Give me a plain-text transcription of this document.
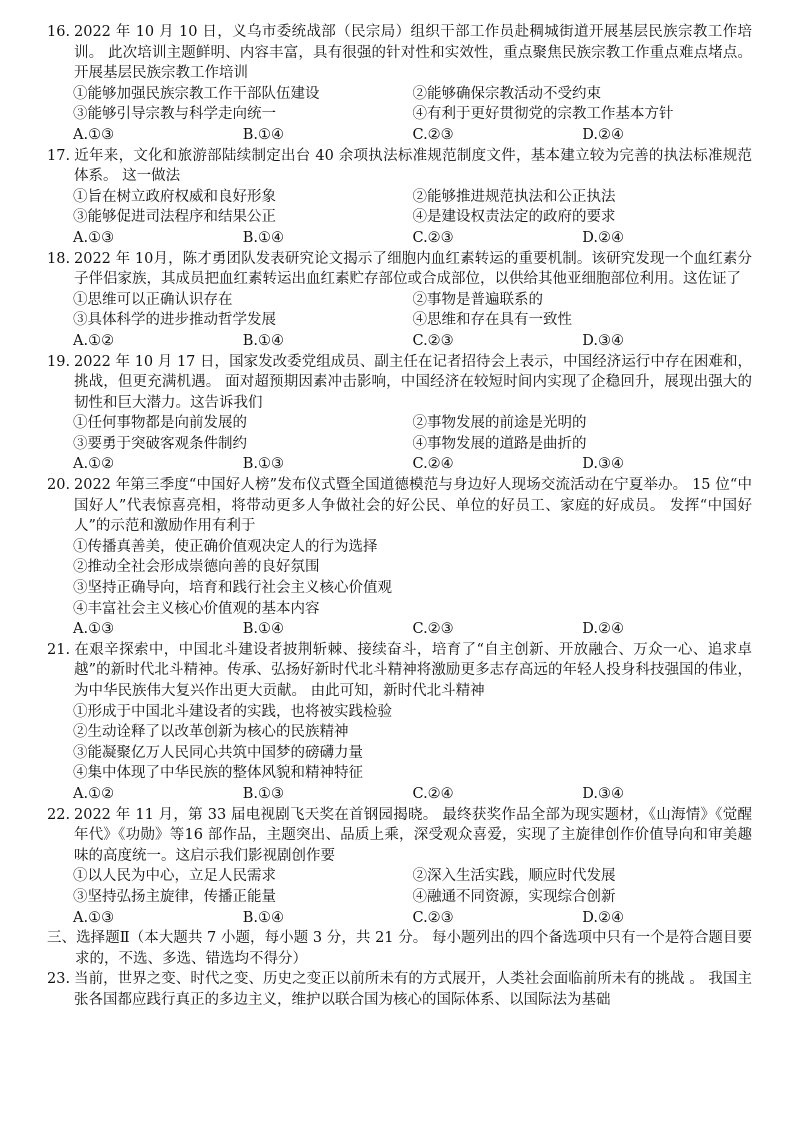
16. 2022 年 10 月 10 日，义乌市委统战部（民宗局）组织干部工作员赴稠城街道开展基层民族宗教工作培训。 此次培训主题鲜明、内容丰富，具有很强的针对性和实效性，重点聚焦民族宗教工作重点难点堵点。开展基层民族宗教工作培训
①能够加强民族宗教工作干部队伍建设	②能够确保宗教活动不受约束
③能够引导宗教与科学走向统一	④有利于更好贯彻党的宗教工作基本方针
A.①③	B.①④	C.②③	D.②④
17. 近年来，文化和旅游部陆续制定出台 40 余项执法标准规范制度文件，基本建立较为完善的执法标准规范体系。 这一做法
①旨在树立政府权威和良好形象	②能够推进规范执法和公正执法
③能够促进司法程序和结果公正	④是建设权责法定的政府的要求
A.①③	B.①④	C.②③	D.②④
18. 2022 年 10月，陈才勇团队发表研究论文揭示了细胞内血红素转运的重要机制。该研究发现一个血红素分子伴侣家族，其成员把血红素转运出血红素贮存部位或合成部位，以供给其他亚细胞部位利用。这佐证了
①思维可以正确认识存在	②事物是普遍联系的
③具体科学的进步推动哲学发展	④思维和存在具有一致性
A.①②	B.①④	C.②③	D.③④
19. 2022 年 10 月 17 日，国家发改委党组成员、副主任在记者招待会上表示，中国经济运行中存在困难和，挑战，但更充满机遇。 面对超预期因素冲击影响，中国经济在较短时间内实现了企稳回升，展现出强大的韧性和巨大潜力。这告诉我们
①任何事物都是向前发展的	②事物发展的前途是光明的
③要勇于突破客观条件制约	④事物发展的道路是曲折的
A.①②	B.①③	C.②④	D.③④
20. 2022 年第三季度“中国好人榜”发布仪式暨全国道德模范与身边好人现场交流活动在宁夏举办。 15 位“中国好人”代表惊喜亮相，将带动更多人争做社会的好公民、单位的好员工、家庭的好成员。 发挥“中国好人”的示范和激励作用有利于
①传播真善美，使正确价值观决定人的行为选择
②推动全社会形成崇德向善的良好氛围
③坚持正确导向，培育和践行社会主义核心价值观
④丰富社会主义核心价值观的基本内容
A.①③	B.①④	C.②③	D.②④
21. 在艰辛探索中，中国北斗建设者披荆斩棘、接续奋斗，培育了“自主创新、开放融合、万众一心、追求卓越”的新时代北斗精神。传承、弘扬好新时代北斗精神将激励更多志存高远的年轻人投身科技强国的伟业，为中华民族伟大复兴作出更大贡献。 由此可知，新时代北斗精神
①形成于中国北斗建设者的实践，也将被实践检验
②生动诠释了以改革创新为核心的民族精神
③能凝聚亿万人民同心共筑中国梦的磅礴力量
④集中体现了中华民族的整体风貌和精神特征
A.①②	B.①③	C.②④	D.③④
22. 2022 年 11 月，第 33 届电视剧飞天奖在首钢园揭晓。 最终获奖作品全部为现实题材，《山海情》《觉醒年代》《功勋》等16 部作品，主题突出、品质上乘，深受观众喜爱，实现了主旋律创作价值导向和审美趣味的高度统一。这启示我们影视剧创作要
①以人民为中心，立足人民需求	②深入生活实践，顺应时代发展
③坚持弘扬主旋律，传播正能量	④融通不同资源，实现综合创新
A.①③	B.①④	C.②③	D.②④
三、选择题Ⅱ（本大题共 7 小题，每小题 3 分，共 21 分。 每小题列出的四个备选项中只有一个是符合题目要求的，不选、多选、错选均不得分）
23. 当前，世界之变、时代之变、历史之变正以前所未有的方式展开，人类社会面临前所未有的挑战 。 我国主张各国都应践行真正的多边主义，维护以联合国为核心的国际体系、以国际法为基础
